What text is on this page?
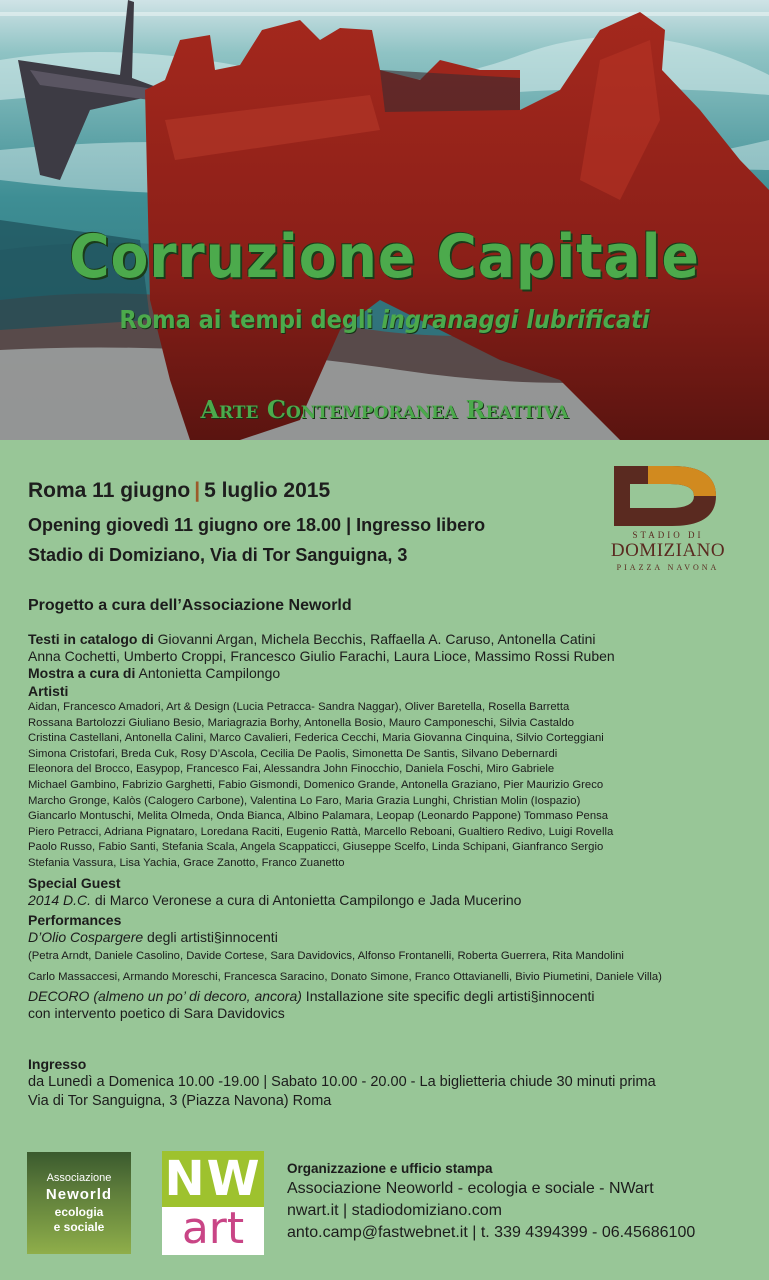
Corruzione Capitale
Roma ai tempi degli ingranaggi lubrificati
Arte Contemporanea Reattiva
Roma 11 giugno | 5 luglio 2015
Opening giovedì 11 giugno ore 18.00 | Ingresso libero
Stadio di Domiziano, Via di Tor Sanguigna, 3
STADIO DI
DOMIZIANO
PIAZZA NAVONA
Progetto a cura dell’Associazione Neworld
Testi in catalogo di Giovanni Argan, Michela Becchis, Raffaella A. Caruso, Antonella Catini
Anna Cochetti, Umberto Croppi, Francesco Giulio Farachi, Laura Lioce, Massimo Rossi Ruben
Mostra a cura di Antonietta Campilongo
Artisti
Aidan, Francesco Amadori, Art & Design (Lucia Petracca- Sandra Naggar), Oliver Baretella, Rosella Barretta
Rossana Bartolozzi Giuliano Besio, Mariagrazia Borhy, Antonella Bosio, Mauro Camponeschi, Silvia Castaldo
Cristina Castellani, Antonella Calini, Marco Cavalieri, Federica Cecchi, Maria Giovanna Cinquina, Silvio Corteggiani
Simona Cristofari, Breda Cuk, Rosy D’Ascola, Cecilia De Paolis, Simonetta De Santis, Silvano Debernardi
Eleonora del Brocco, Easypop, Francesco Fai, Alessandra John Finocchio, Daniela Foschi, Miro Gabriele
Michael Gambino, Fabrizio Garghetti, Fabio Gismondi, Domenico Grande, Antonella Graziano, Pier Maurizio Greco
Marcho Gronge, Kalòs (Calogero Carbone), Valentina Lo Faro, Maria Grazia Lunghi, Christian Molin (Iospazio)
Giancarlo Montuschi, Melita Olmeda, Onda Bianca, Albino Palamara, Leopap (Leonardo Pappone) Tommaso Pensa
Piero Petracci, Adriana Pignataro, Loredana Raciti, Eugenio Rattà, Marcello Reboani, Gualtiero Redivo, Luigi Rovella
Paolo Russo, Fabio Santi, Stefania Scala, Angela Scappaticci, Giuseppe Scelfo, Linda Schipani, Gianfranco Sergio
Stefania Vassura, Lisa Yachia, Grace Zanotto, Franco Zuanetto
Special Guest
2014 D.C. di Marco Veronese a cura di Antonietta Campilongo e Jada Mucerino
Performances
D’Olio Cospargere degli artisti§innocenti
(Petra Arndt, Daniele Casolino, Davide Cortese, Sara Davidovics, Alfonso Frontanelli, Roberta Guerrera, Rita Mandolini
Carlo Massaccesi, Armando Moreschi, Francesca Saracino, Donato Simone, Franco Ottavianelli, Bivio Piumetini, Daniele Villa)
DECORO (almeno un po’ di decoro, ancora) Installazione site specific degli artisti§innocenti
con intervento poetico di Sara Davidovics
Ingresso
da Lunedì a Domenica 10.00 -19.00 | Sabato 10.00 - 20.00 - La biglietteria chiude 30 minuti prima
Via di Tor Sanguigna, 3 (Piazza Navona) Roma
Associazione
Neworld
ecologia
e sociale
NW
art
Organizzazione e ufficio stampa
Associazione Neoworld - ecologia e sociale - NWart
nwart.it | stadiodomiziano.com
anto.camp@fastwebnet.it | t. 339 4394399 - 06.45686100
